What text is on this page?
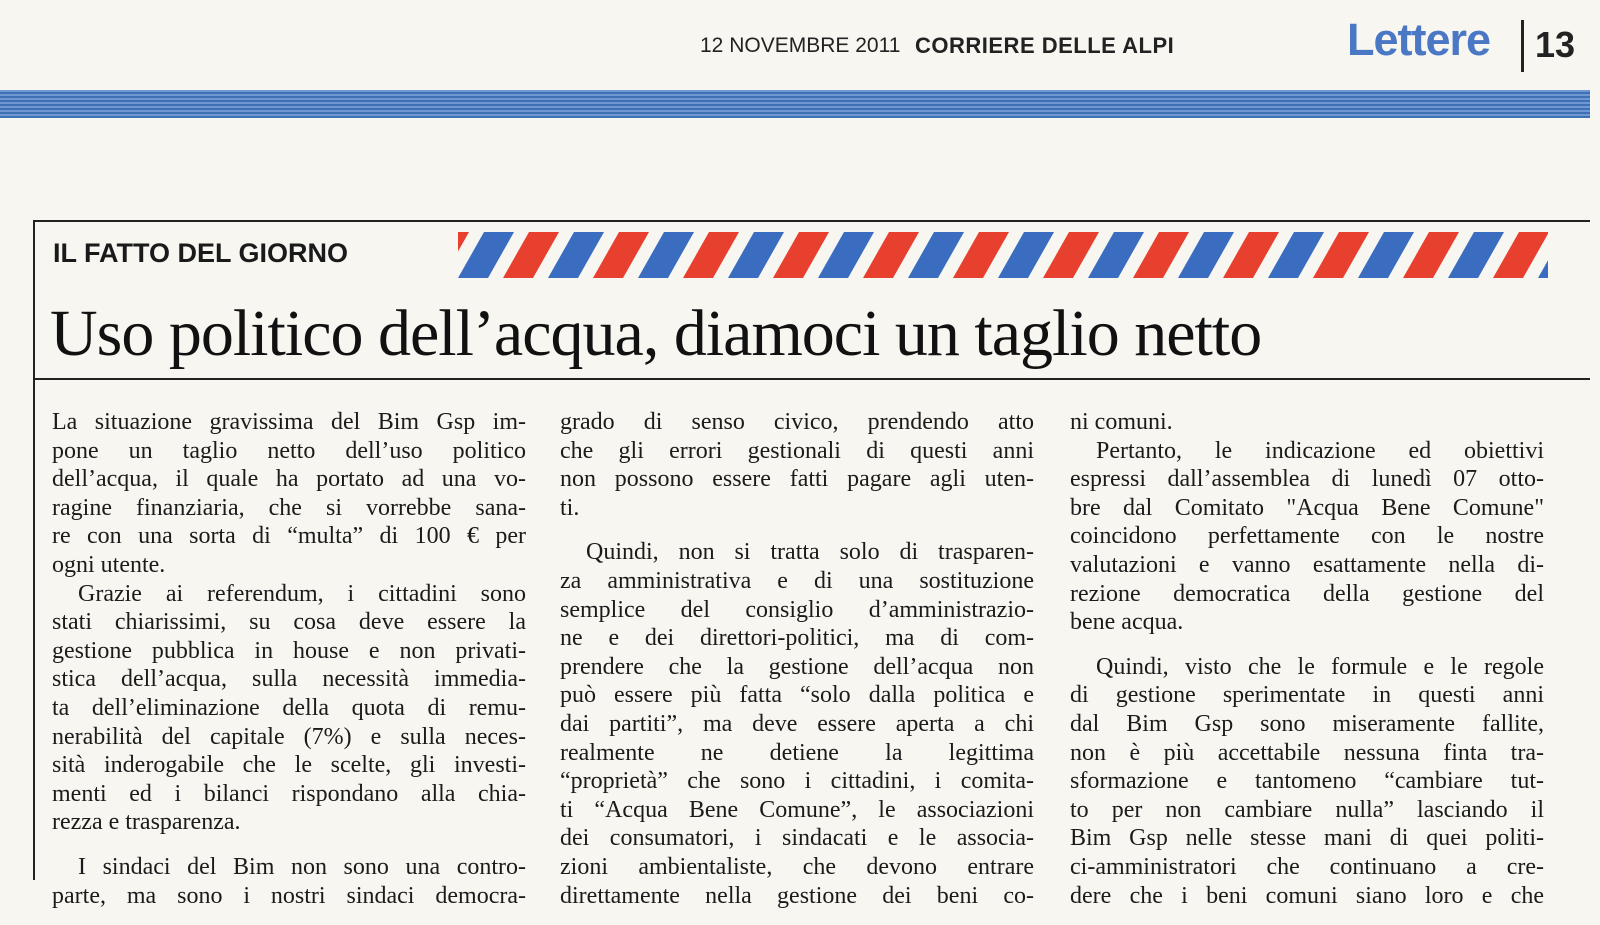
12 NOVEMBRE 2011 CORRIERE DELLE ALPI	Lettere 13
IL FATTO DEL GIORNO
Uso politico dell’acqua, diamoci un taglio netto
La situazione gravissima del Bim Gsp im-
pone un taglio netto dell’uso politico
dell’acqua, il quale ha portato ad una vo-
ragine finanziaria, che si vorrebbe sana-
re con una sorta di “multa” di 100 € per
ogni utente.
Grazie ai referendum, i cittadini sono
stati chiarissimi, su cosa deve essere la
gestione pubblica in house e non privati-
stica dell’acqua, sulla necessità immedia-
ta dell’eliminazione della quota di remu-
nerabilità del capitale (7%) e sulla neces-
sità inderogabile che le scelte, gli investi-
menti ed i bilanci rispondano alla chia-
rezza e trasparenza.
I sindaci del Bim non sono una contro-
parte, ma sono i nostri sindaci democra-
grado di senso civico, prendendo atto
che gli errori gestionali di questi anni
non possono essere fatti pagare agli uten-
ti.
Quindi, non si tratta solo di trasparen-
za amministrativa e di una sostituzione
semplice del consiglio d’amministrazio-
ne e dei direttori-politici, ma di com-
prendere che la gestione dell’acqua non
può essere più fatta “solo dalla politica e
dai partiti”, ma deve essere aperta a chi
realmente ne detiene la legittima
“proprietà” che sono i cittadini, i comita-
ti “Acqua Bene Comune”, le associazioni
dei consumatori, i sindacati e le associa-
zioni ambientaliste, che devono entrare
direttamente nella gestione dei beni co-
ni comuni.
Pertanto, le indicazione ed obiettivi
espressi dall’assemblea di lunedì 07 otto-
bre dal Comitato "Acqua Bene Comune"
coincidono perfettamente con le nostre
valutazioni e vanno esattamente nella di-
rezione democratica della gestione del
bene acqua.
Quindi, visto che le formule e le regole
di gestione sperimentate in questi anni
dal Bim Gsp sono miseramente fallite,
non è più accettabile nessuna finta tra-
sformazione e tantomeno “cambiare tut-
to per non cambiare nulla” lasciando il
Bim Gsp nelle stesse mani di quei politi-
ci-amministratori che continuano a cre-
dere che i beni comuni siano loro e che
